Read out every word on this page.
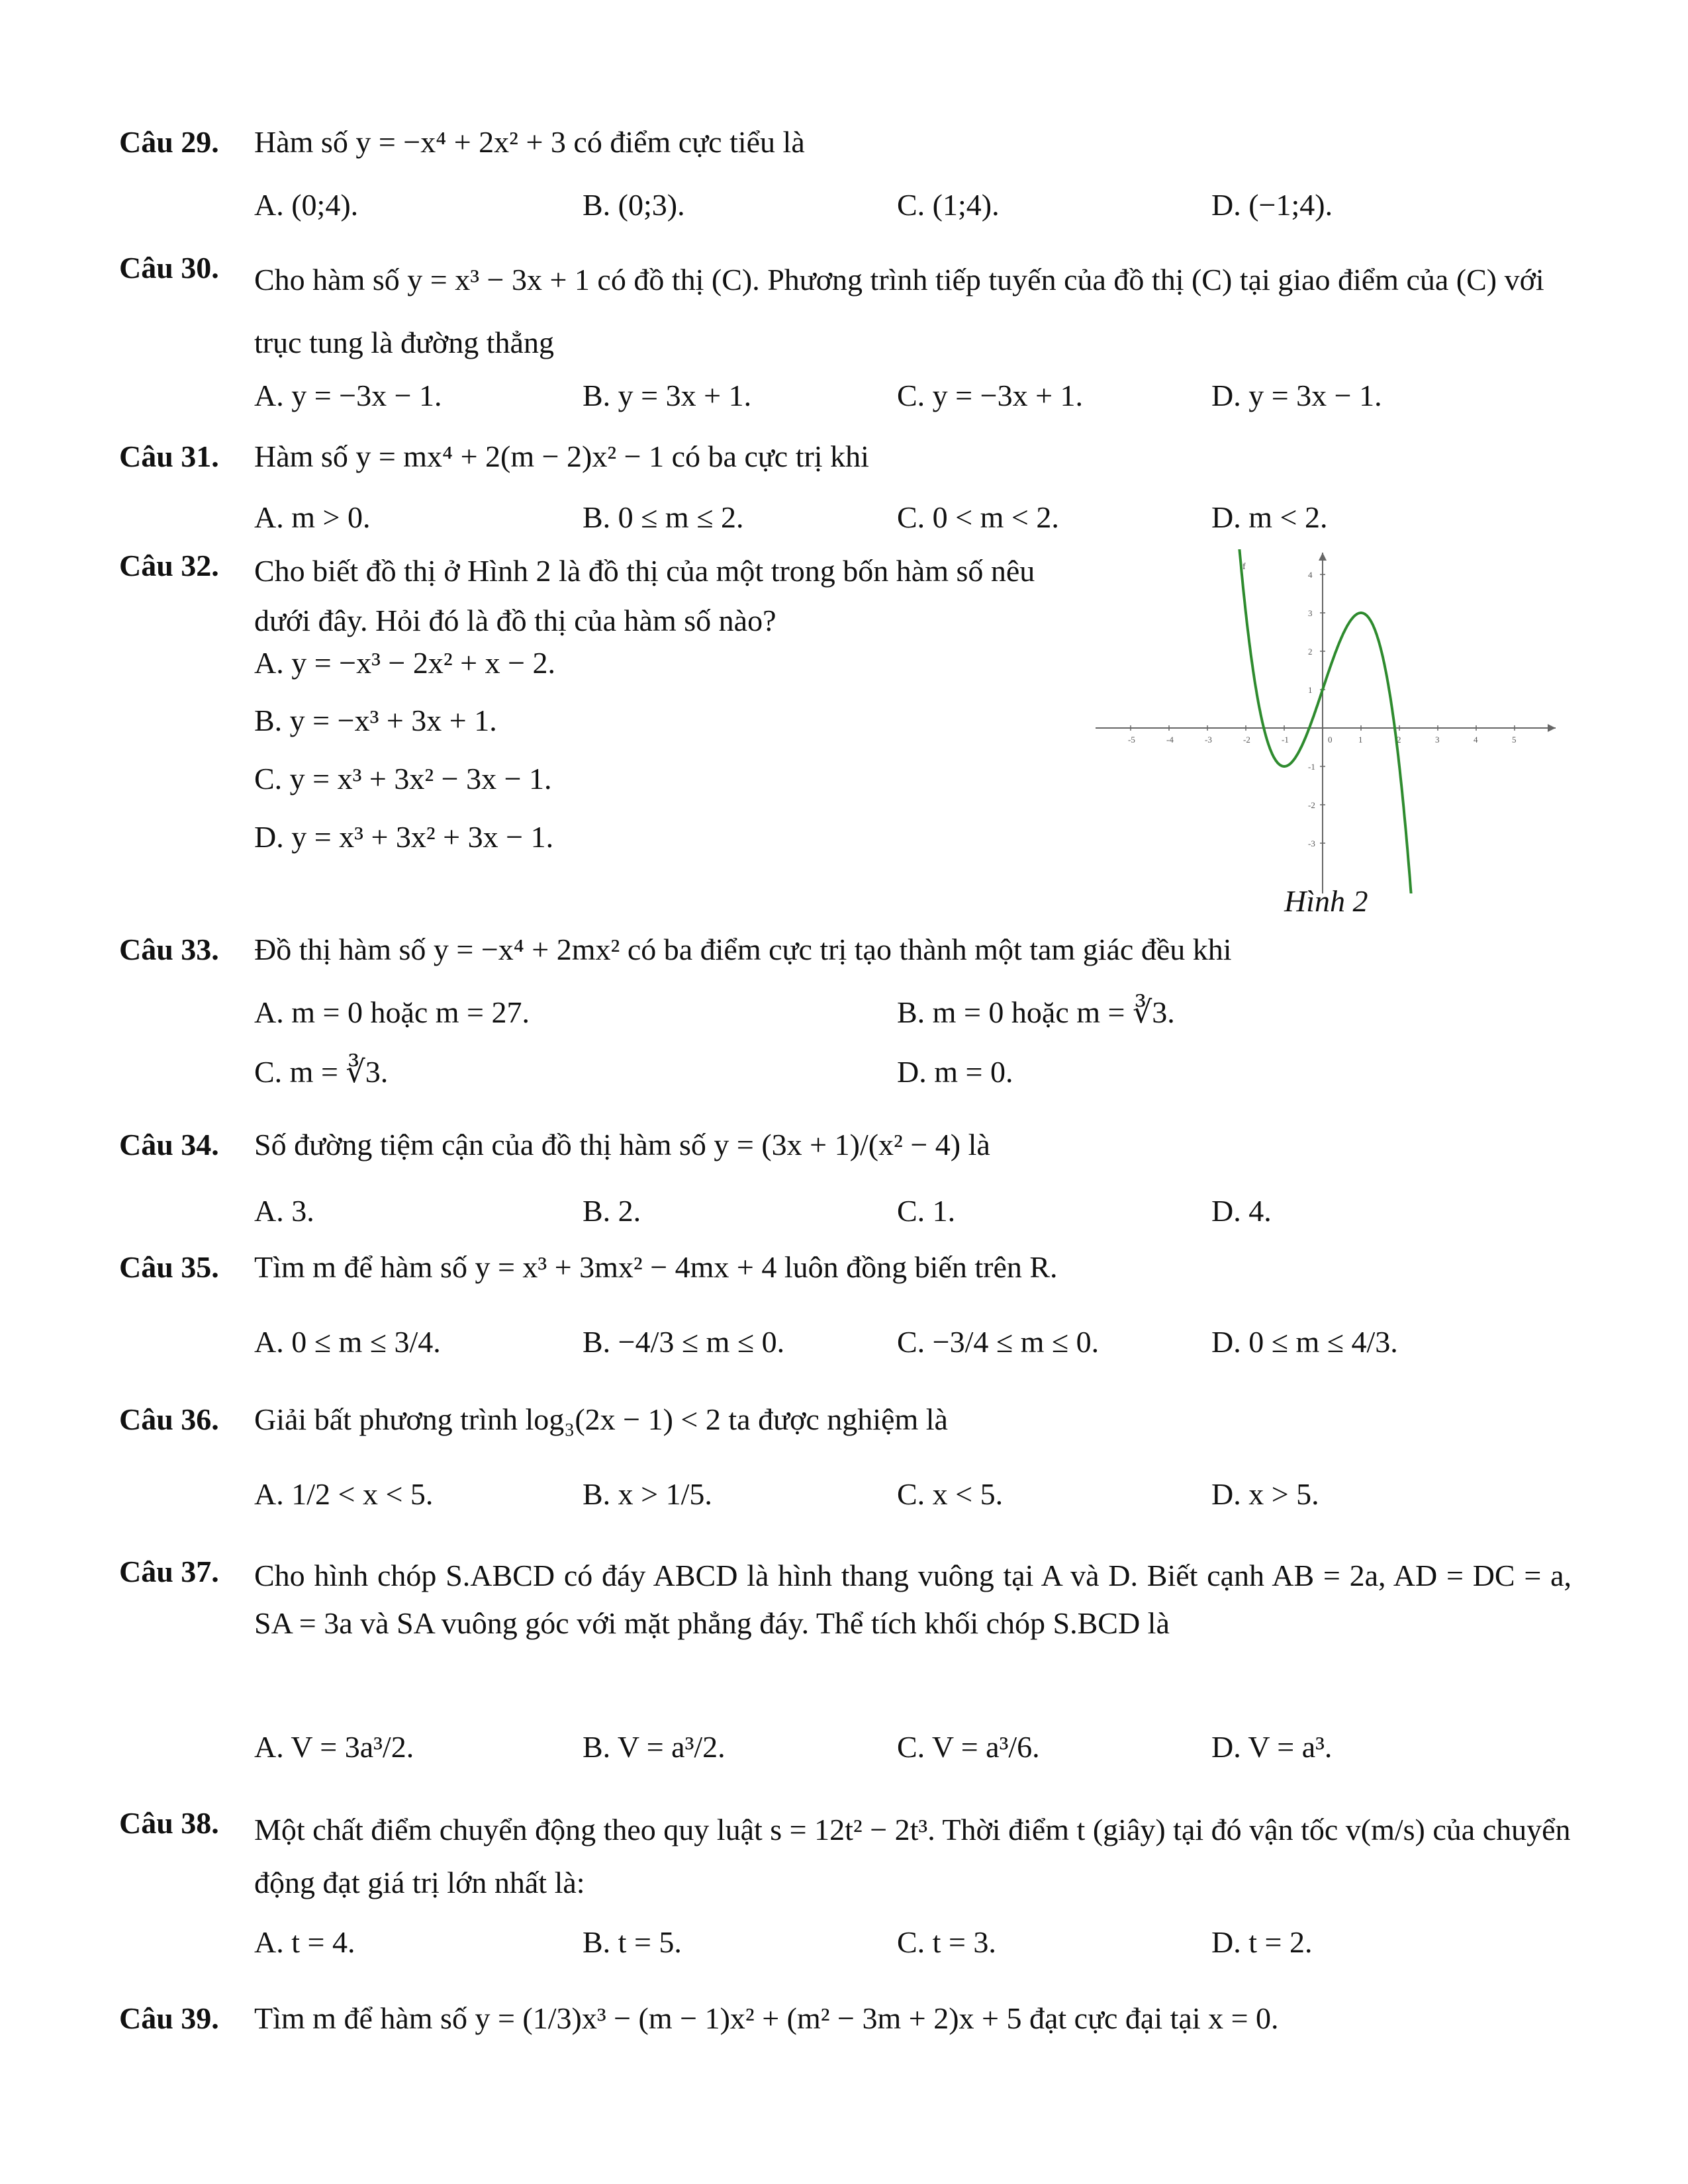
Câu 29. Hàm số y = −x⁴ + 2x² + 3 có điểm cực tiểu là
A. (0;4).	B. (0;3).	C. (1;4).	D. (−1;4).
Câu 30. Cho hàm số y = x³ − 3x + 1 có đồ thị (C). Phương trình tiếp tuyến của đồ thị (C) tại giao điểm của (C) với trục tung là đường thẳng
A. y = −3x − 1.	B. y = 3x + 1.	C. y = −3x + 1.	D. y = 3x − 1.
Câu 31. Hàm số y = mx⁴ + 2(m − 2)x² − 1 có ba cực trị khi
A. m > 0.	B. 0 ≤ m ≤ 2.	C. 0 < m < 2.	D. m < 2.
Câu 32. Cho biết đồ thị ở Hình 2 là đồ thị của một trong bốn hàm số nêu dưới đây. Hỏi đó là đồ thị của hàm số nào?
A. y = −x³ − 2x² + x − 2.
B. y = −x³ + 3x + 1.
C. y = x³ + 3x² − 3x − 1.
D. y = x³ + 3x² + 3x − 1.
f
-5	-4	-3	-2	-1	0	1	2	3	4	5
4
3
2
1
-1
-2
-3
Hình 2
Câu 33. Đồ thị hàm số y = −x⁴ + 2mx² có ba điểm cực trị tạo thành một tam giác đều khi
A. m = 0 hoặc m = 27.	B. m = 0 hoặc m = ∛3.
C. m = ∛3.	D. m = 0.
Câu 34. Số đường tiệm cận của đồ thị hàm số y = (3x + 1)/(x² − 4) là
A. 3.	B. 2.	C. 1.	D. 4.
Câu 35. Tìm m để hàm số y = x³ + 3mx² − 4mx + 4 luôn đồng biến trên R.
A. 0 ≤ m ≤ 3/4.	B. −4/3 ≤ m ≤ 0.	C. −3/4 ≤ m ≤ 0.	D. 0 ≤ m ≤ 4/3.
Câu 36. Giải bất phương trình log₃(2x − 1) < 2 ta được nghiệm là
A. 1/2 < x < 5.	B. x > 1/5.	C. x < 5.	D. x > 5.
Câu 37. Cho hình chóp S.ABCD có đáy ABCD là hình thang vuông tại A và D. Biết cạnh AB = 2a, AD = DC = a, SA = 3a và SA vuông góc với mặt phẳng đáy. Thể tích khối chóp S.BCD là
A. V = 3a³/2.	B. V = a³/2.	C. V = a³/6.	D. V = a³.
Câu 38. Một chất điểm chuyển động theo quy luật s = 12t² − 2t³. Thời điểm t (giây) tại đó vận tốc v(m/s) của chuyển động đạt giá trị lớn nhất là:
A. t = 4.	B. t = 5.	C. t = 3.	D. t = 2.
Câu 39. Tìm m để hàm số y = (1/3)x³ − (m − 1)x² + (m² − 3m + 2)x + 5 đạt cực đại tại x = 0.
